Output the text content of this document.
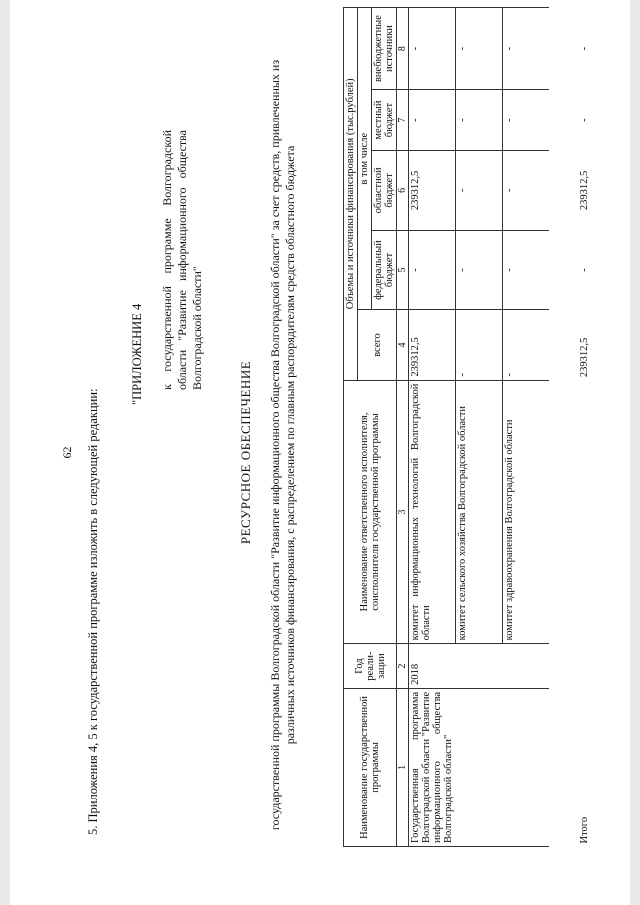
62 5. Приложения 4, 5 к государственной программе изложить в следующей редакции:
"ПРИЛОЖЕНИЕ 4 к государственной программе Волгоградской области "Развитие информационного общества Волгоградской области"
РЕСУРСНОЕ ОБЕСПЕЧЕНИЕ государственной программы Волгоградской области "Развитие информационного общества Волгоградской области" за счет средств, привлеченных из различных источников финансирования, с распределением по главным распорядителям средств областного бюджета
Наименование государственной программы	Год реали-зации	Наименование ответственного исполнителя, соисполнителя государственной программы	Объемы и источники финансирования (тыс.рублей)				
			всего	в том числе			
				федеральный бюджет	областной бюджет	местный бюджет	внебюджетные источники
1	2	3	4	5	6	7	8
Государственная программа Волгоградской области "Развитие информационного общества Волгоградской области"	2018	комитет информационных технологий Волгоградской области	239312,5	-	239312,5	-	-
		комитет сельского хозяйства Волгоградской области	-	-	-	-	-
		комитет здравоохранения Волгоградской области	-	-	-	-	-
Итого			239312,5	-	239312,5	-	-
